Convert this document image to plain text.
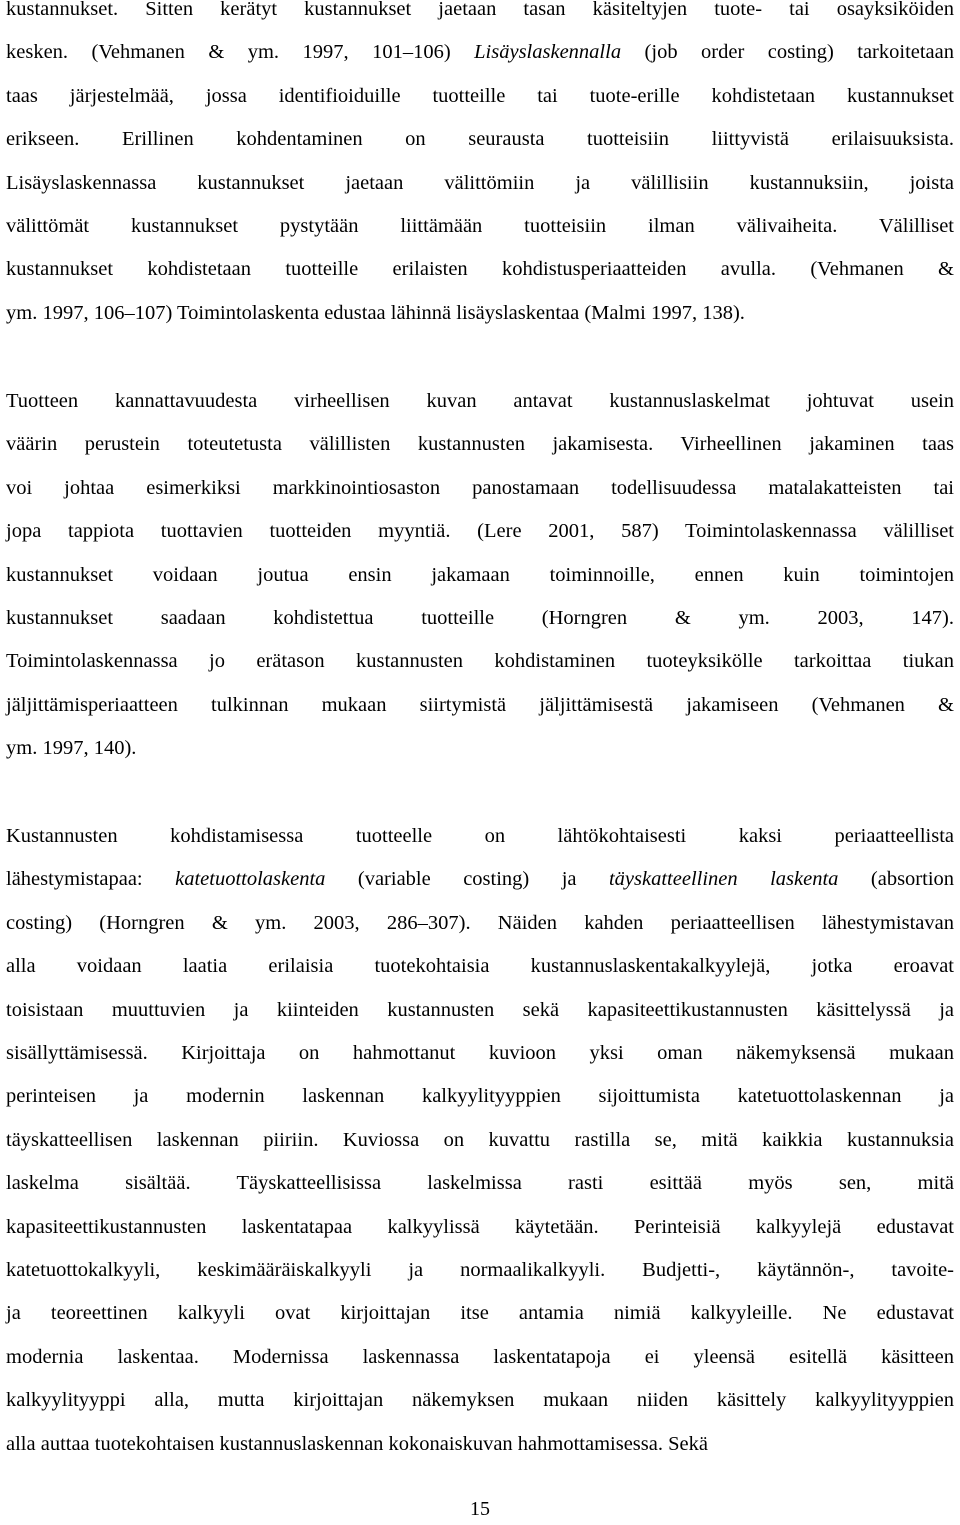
kustannukset. Sitten kerätyt kustannukset jaetaan tasan käsiteltyjen tuote- tai osayksiköiden
kesken. (Vehmanen & ym. 1997, 101–106) Lisäyslaskennalla (job order costing) tarkoitetaan
taas järjestelmää, jossa identifioiduille tuotteille tai tuote-erille kohdistetaan kustannukset
erikseen. Erillinen kohdentaminen on seurausta tuotteisiin liittyvistä erilaisuuksista.
Lisäyslaskennassa kustannukset jaetaan välittömiin ja välillisiin kustannuksiin, joista
välittömät kustannukset pystytään liittämään tuotteisiin ilman välivaiheita. Välilliset
kustannukset kohdistetaan tuotteille erilaisten kohdistusperiaatteiden avulla. (Vehmanen &
ym. 1997, 106–107) Toimintolaskenta edustaa lähinnä lisäyslaskentaa (Malmi 1997, 138).
Tuotteen kannattavuudesta virheellisen kuvan antavat kustannuslaskelmat johtuvat usein
väärin perustein toteutetusta välillisten kustannusten jakamisesta. Virheellinen jakaminen taas
voi johtaa esimerkiksi markkinointiosaston panostamaan todellisuudessa matalakatteisten tai
jopa tappiota tuottavien tuotteiden myyntiä. (Lere 2001, 587) Toimintolaskennassa välilliset
kustannukset voidaan joutua ensin jakamaan toiminnoille, ennen kuin toimintojen
kustannukset saadaan kohdistettua tuotteille (Horngren & ym. 2003, 147).
Toimintolaskennassa jo erätason kustannusten kohdistaminen tuoteyksikölle tarkoittaa tiukan
jäljittämisperiaatteen tulkinnan mukaan siirtymistä jäljittämisestä jakamiseen (Vehmanen &
ym. 1997, 140).
Kustannusten kohdistamisessa tuotteelle on lähtökohtaisesti kaksi periaatteellista
lähestymistapaa: katetuottolaskenta (variable costing) ja täyskatteellinen laskenta (absortion
costing) (Horngren & ym. 2003, 286–307). Näiden kahden periaatteellisen lähestymistavan
alla voidaan laatia erilaisia tuotekohtaisia kustannuslaskentakalkyylejä, jotka eroavat
toisistaan muuttuvien ja kiinteiden kustannusten sekä kapasiteettikustannusten käsittelyssä ja
sisällyttämisessä. Kirjoittaja on hahmottanut kuvioon yksi oman näkemyksensä mukaan
perinteisen ja modernin laskennan kalkyylityyppien sijoittumista katetuottolaskennan ja
täyskatteellisen laskennan piiriin. Kuviossa on kuvattu rastilla se, mitä kaikkia kustannuksia
laskelma sisältää. Täyskatteellisissa laskelmissa rasti esittää myös sen, mitä
kapasiteettikustannusten laskentatapaa kalkyylissä käytetään. Perinteisiä kalkyylejä edustavat
katetuottokalkyyli, keskimääräiskalkyyli ja normaalikalkyyli. Budjetti-, käytännön-, tavoite-
ja teoreettinen kalkyyli ovat kirjoittajan itse antamia nimiä kalkyyleille. Ne edustavat
modernia laskentaa. Modernissa laskennassa laskentatapoja ei yleensä esitellä käsitteen
kalkyylityyppi alla, mutta kirjoittajan näkemyksen mukaan niiden käsittely kalkyylityyppien
alla auttaa tuotekohtaisen kustannuslaskennan kokonaiskuvan hahmottamisessa. Sekä
15
